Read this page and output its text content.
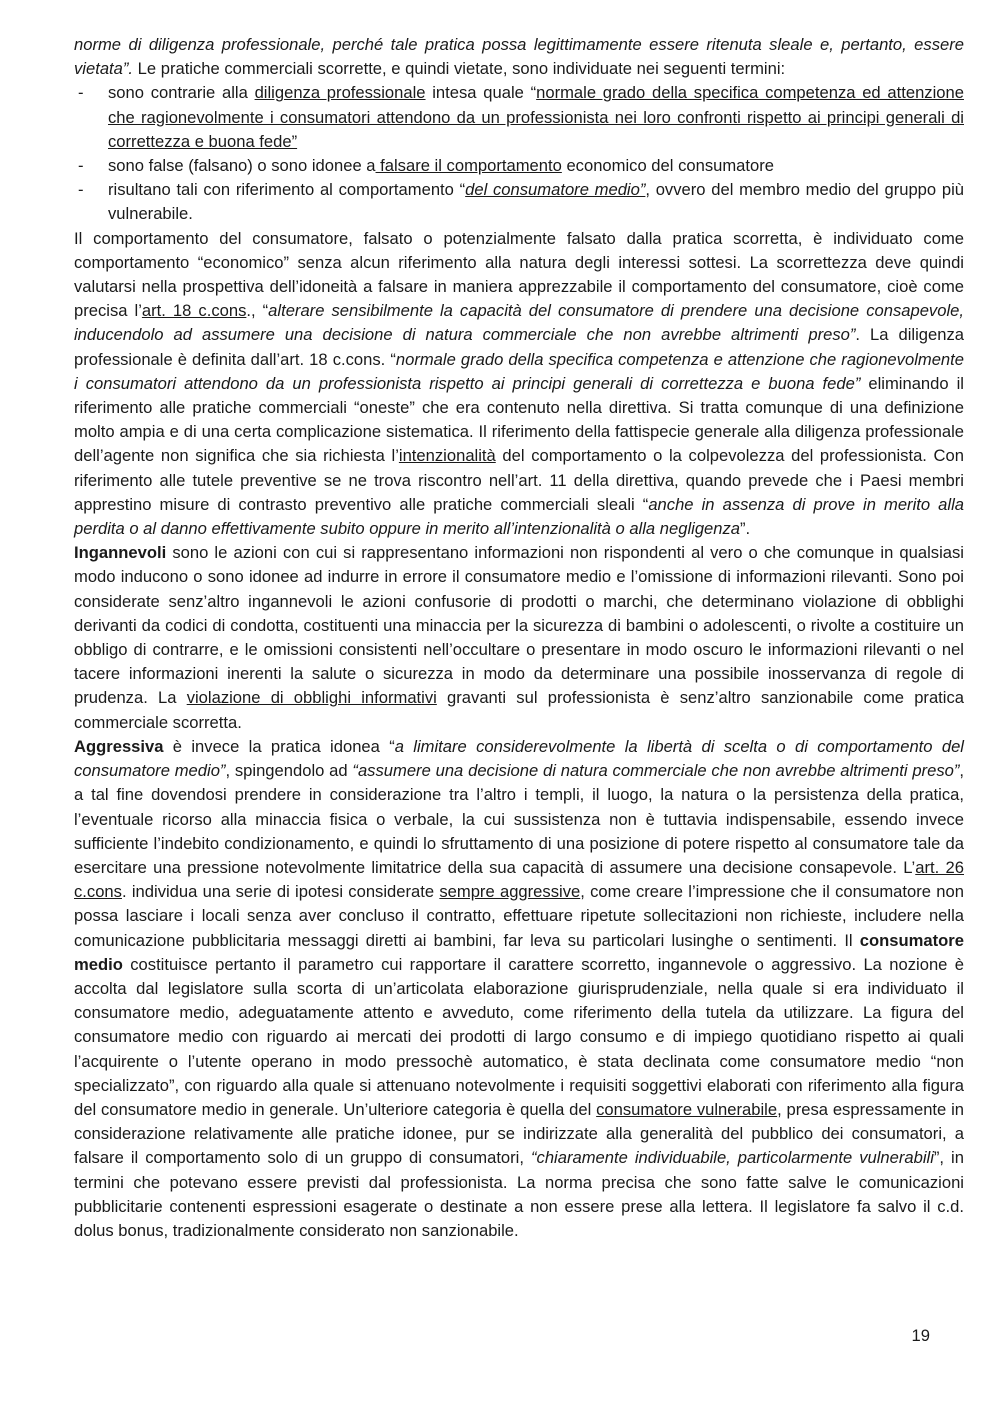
norme di diligenza professionale, perché tale pratica possa legittimamente essere ritenuta sleale e, pertanto, essere vietata”. Le pratiche commerciali scorrette, e quindi vietate, sono individuate nei seguenti termini:

- sono contrarie alla diligenza professionale intesa quale “normale grado della specifica competenza ed attenzione che ragionevolmente i consumatori attendono da un professionista nei loro confronti rispetto ai principi generali di correttezza e buona fede”
- sono false (falsano) o sono idonee a falsare il comportamento economico del consumatore
- risultano tali con riferimento al comportamento “del consumatore medio”, ovvero del membro medio del gruppo più vulnerabile.

Il comportamento del consumatore, falsato o potenzialmente falsato dalla pratica scorretta, è individuato come comportamento “economico” senza alcun riferimento alla natura degli interessi sottesi. La scorrettezza deve quindi valutarsi nella prospettiva dell’idoneità a falsare in maniera apprezzabile il comportamento del consumatore, cioè come precisa l’art. 18 c.cons., “alterare sensibilmente la capacità del consumatore di prendere una decisione consapevole, inducendolo ad assumere una decisione di natura commerciale che non avrebbe altrimenti preso”. La diligenza professionale è definita dall’art. 18 c.cons. “normale grado della specifica competenza e attenzione che ragionevolmente i consumatori attendono da un professionista rispetto ai principi generali di correttezza e buona fede” eliminando il riferimento alle pratiche commerciali “oneste” che era contenuto nella direttiva. Si tratta comunque di una definizione molto ampia e di una certa complicazione sistematica. Il riferimento della fattispecie generale alla diligenza professionale dell’agente non significa che sia richiesta l’intenzionalità del comportamento o la colpevolezza del professionista. Con riferimento alle tutele preventive se ne trova riscontro nell’art. 11 della direttiva, quando prevede che i Paesi membri apprestino misure di contrasto preventivo alle pratiche commerciali sleali “anche in assenza di prove in merito alla perdita o al danno effettivamente subito oppure in merito all’intenzionalità o alla negligenza”.

Ingannevoli sono le azioni con cui si rappresentano informazioni non rispondenti al vero o che comunque in qualsiasi modo inducono o sono idonee ad indurre in errore il consumatore medio e l’omissione di informazioni rilevanti. Sono poi considerate senz’altro ingannevoli le azioni confusorie di prodotti o marchi, che determinano violazione di obblighi derivanti da codici di condotta, costituenti una minaccia per la sicurezza di bambini o adolescenti, o rivolte a costituire un obbligo di contrarre, e le omissioni consistenti nell’occultare o presentare in modo oscuro le informazioni rilevanti o nel tacere informazioni inerenti la salute o sicurezza in modo da determinare una possibile inosservanza di regole di prudenza. La violazione di obblighi informativi gravanti sul professionista è senz’altro sanzionabile come pratica commerciale scorretta.

Aggressiva è invece la pratica idonea “a limitare considerevolmente la libertà di scelta o di comportamento del consumatore medio”, spingendolo ad “assumere una decisione di natura commerciale che non avrebbe altrimenti preso”, a tal fine dovendosi prendere in considerazione tra l’altro i templi, il luogo, la natura o la persistenza della pratica, l’eventuale ricorso alla minaccia fisica o verbale, la cui sussistenza non è tuttavia indispensabile, essendo invece sufficiente l’indebito condizionamento, e quindi lo sfruttamento di una posizione di potere rispetto al consumatore tale da esercitare una pressione notevolmente limitatrice della sua capacità di assumere una decisione consapevole. L’art. 26 c.cons. individua una serie di ipotesi considerate sempre aggressive, come creare l’impressione che il consumatore non possa lasciare i locali senza aver concluso il contratto, effettuare ripetute sollecitazioni non richieste, includere nella comunicazione pubblicitaria messaggi diretti ai bambini, far leva su particolari lusinghe o sentimenti. Il consumatore medio costituisce pertanto il parametro cui rapportare il carattere scorretto, ingannevole o aggressivo. La nozione è accolta dal legislatore sulla scorta di un’articolata elaborazione giurisprudenziale, nella quale si era individuato il consumatore medio, adeguatamente attento e avveduto, come riferimento della tutela da utilizzare. La figura del consumatore medio con riguardo ai mercati dei prodotti di largo consumo e di impiego quotidiano rispetto ai quali l’acquirente o l’utente operano in modo pressochè automatico, è stata declinata come consumatore medio “non specializzato”, con riguardo alla quale si attenuano notevolmente i requisiti soggettivi elaborati con riferimento alla figura del consumatore medio in generale. Un’ulteriore categoria è quella del consumatore vulnerabile, presa espressamente in considerazione relativamente alle pratiche idonee, pur se indirizzate alla generalità del pubblico dei consumatori, a falsare il comportamento solo di un gruppo di consumatori, “chiaramente individuabile, particolarmente vulnerabili”, in termini che potevano essere previsti dal professionista. La norma precisa che sono fatte salve le comunicazioni pubblicitarie contenenti espressioni esagerate o destinate a non essere prese alla lettera. Il legislatore fa salvo il c.d. dolus bonus, tradizionalmente considerato non sanzionabile.

19
